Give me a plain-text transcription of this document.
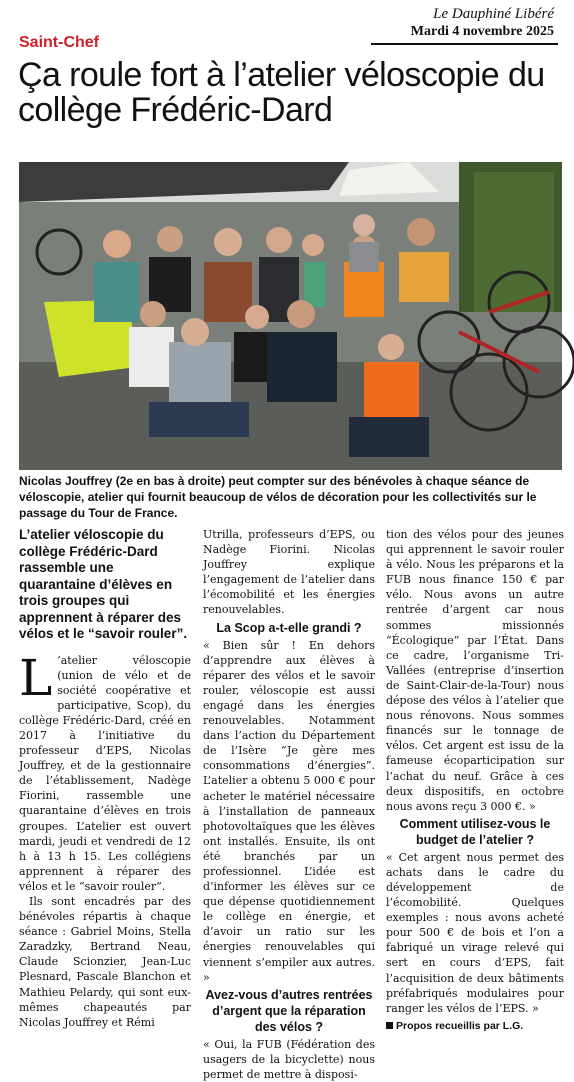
Le Dauphiné Libéré
Mardi 4 novembre 2025
Saint-Chef
Ça roule fort à l’atelier véloscopie du collège Frédéric-Dard
Nicolas Jouffrey (2e en bas à droite) peut compter sur des bénévoles à chaque séance de véloscopie, atelier qui fournit beaucoup de vélos de décoration pour les collectivités sur le passage du Tour de France.
L’atelier véloscopie du collège Frédéric-Dard rassemble une quarantaine d’élèves en trois groupes qui apprennent à réparer des vélos et le “savoir rouler”.
L ’atelier véloscopie (union de vélo et de société coopérative et participative, Scop), du collège Frédéric-Dard, créé en 2017 à l’initiative du professeur d’EPS, Nicolas Jouffrey, et de la gestionnaire de l’établissement, Nadège Fiorini, rassemble une quarantaine d’élèves en trois groupes. L’atelier est ouvert mardi, jeudi et vendredi de 12 h à 13 h 15. Les collégiens apprennent à réparer des vélos et le “savoir rouler”.
Ils sont encadrés par des bénévoles répartis à chaque séance : Gabriel Moins, Stella Zaradzky, Bertrand Neau, Claude Scionzier, Jean-Luc Plesnard, Pascale Blanchon et Mathieu Pelardy, qui sont eux-mêmes chapeautés par Nicolas Jouffrey et Rémi
Utrilla, professeurs d’EPS, ou Nadège Fiorini. Nicolas Jouffrey explique l’engagement de l’atelier dans l’écomobilité et les énergies renouvelables.
La Scop a-t-elle grandi ?
« Bien sûr ! En dehors d’apprendre aux élèves à réparer des vélos et le savoir rouler, véloscopie est aussi engagé dans les énergies renouvelables. Notamment dans l’action du Département de l’Isère “Je gère mes consommations d’énergies”. L’atelier a obtenu 5 000 € pour acheter le matériel nécessaire à l’installation de panneaux photovoltaïques que les élèves ont installés. Ensuite, ils ont été branchés par un professionnel. L’idée est d’informer les élèves sur ce que dépense quotidiennement le collège en énergie, et d’avoir un ratio sur les énergies renouvelables qui viennent s’empiler aux autres. »
Avez-vous d’autres rentrées d’argent que la réparation des vélos ?
« Oui, la FUB (Fédération des usagers de la bicyclette) nous permet de mettre à disposi-
tion des vélos pour des jeunes qui apprennent le savoir rouler à vélo. Nous les préparons et la FUB nous finance 150 € par vélo. Nous avons un autre rentrée d’argent car nous sommes missionnés “Écologique” par l’État. Dans ce cadre, l’organisme Tri-Vallées (entreprise d’insertion de Saint-Clair-de-la-Tour) nous dépose des vélos à l’atelier que nous rénovons. Nous sommes financés sur le tonnage de vélos. Cet argent est issu de la fameuse écoparticipation sur l’achat du neuf. Grâce à ces deux dispositifs, en octobre nous avons reçu 3 000 €. »
Comment utilisez-vous le budget de l’atelier ?
« Cet argent nous permet des achats dans le cadre du développement de l’écomobilité. Quelques exemples : nous avons acheté pour 500 € de bois et l’on a fabriqué un virage relevé qui sert en cours d’EPS, fait l’acquisition de deux bâtiments préfabriqués modulaires pour ranger les vélos de l’EPS. »
Propos recueillis par L.G.
